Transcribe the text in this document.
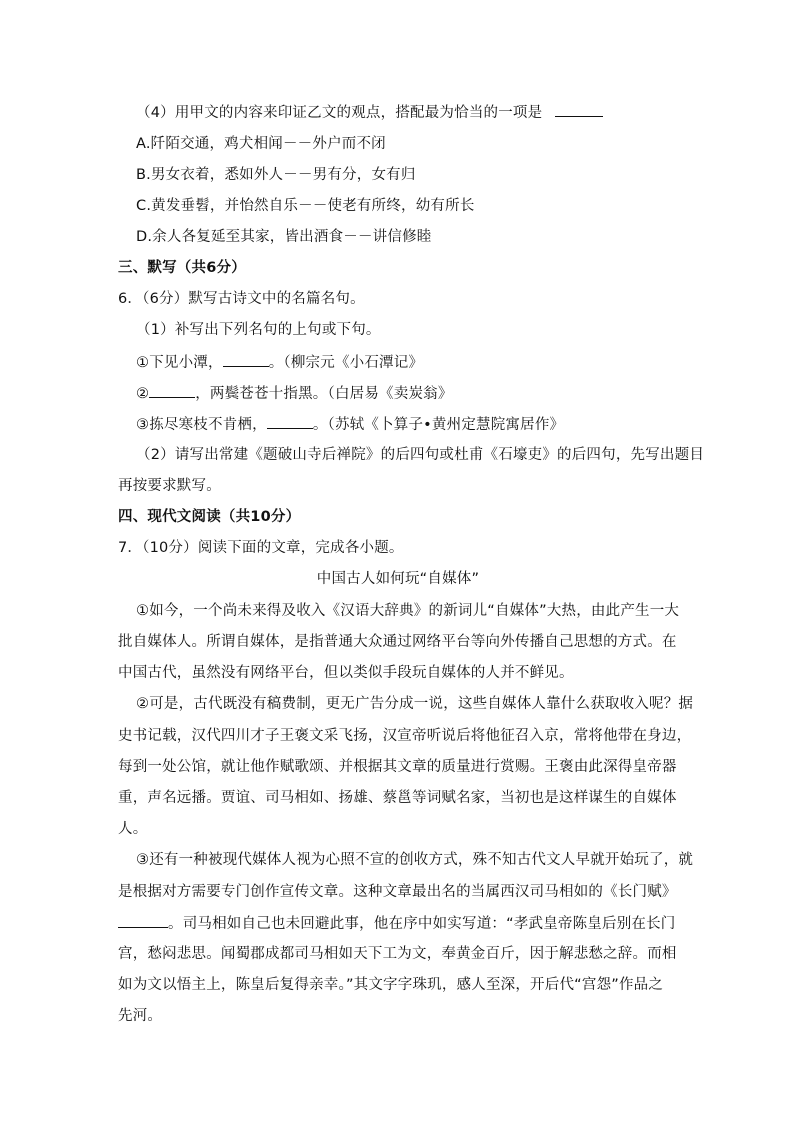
（4）用甲文的内容来印证乙文的观点，搭配最为恰当的一项是
A.阡陌交通，鸡犬相闻－－外户而不闭
B.男女衣着，悉如外人－－男有分，女有归
C.黄发垂髫，并怡然自乐－－使老有所终，幼有所长
D.余人各复延至其家，皆出酒食－－讲信修睦
三、默写（共6分）
6．（6分）默写古诗文中的名篇名句。
（1）补写出下列名句的上句或下句。
①下见小潭，	。（柳宗元《小石潭记》
②	，两鬓苍苍十指黑。（白居易《卖炭翁》
③拣尽寒枝不肯栖，	。（苏轼《卜算子•黄州定慧院寓居作》
（2）请写出常建《题破山寺后禅院》的后四句或杜甫《石壕吏》的后四句，先写出题目
再按要求默写。
四、现代文阅读（共10分）
7．（10分）阅读下面的文章，完成各小题。
中国古人如何玩“自媒体”
①如今，一个尚未来得及收入《汉语大辞典》的新词儿“自媒体”大热，由此产生一大
批自媒体人。所谓自媒体，是指普通大众通过网络平台等向外传播自己思想的方式。在
中国古代，虽然没有网络平台，但以类似手段玩自媒体的人并不鲜见。
②可是，古代既没有稿费制，更无广告分成一说，这些自媒体人靠什么获取收入呢？据
史书记载，汉代四川才子王褒文采飞扬，汉宣帝听说后将他征召入京，常将他带在身边，
每到一处公馆，就让他作赋歌颂、并根据其文章的质量进行赏赐。王褒由此深得皇帝器
重，声名远播。贾谊、司马相如、扬雄、蔡邕等词赋名家，当初也是这样谋生的自媒体
人。
③还有一种被现代媒体人视为心照不宣的创收方式，殊不知古代文人早就开始玩了，就
是根据对方需要专门创作宣传文章。这种文章最出名的当属西汉司马相如的《长门赋》
。司马相如自己也未回避此事，他在序中如实写道：“孝武皇帝陈皇后别在长门
宫，愁闷悲思。闻蜀郡成都司马相如天下工为文，奉黄金百斤，因于解悲愁之辞。而相
如为文以悟主上，陈皇后复得亲幸。”其文字字珠玑，感人至深，开后代“宫怨”作品之
先河。
